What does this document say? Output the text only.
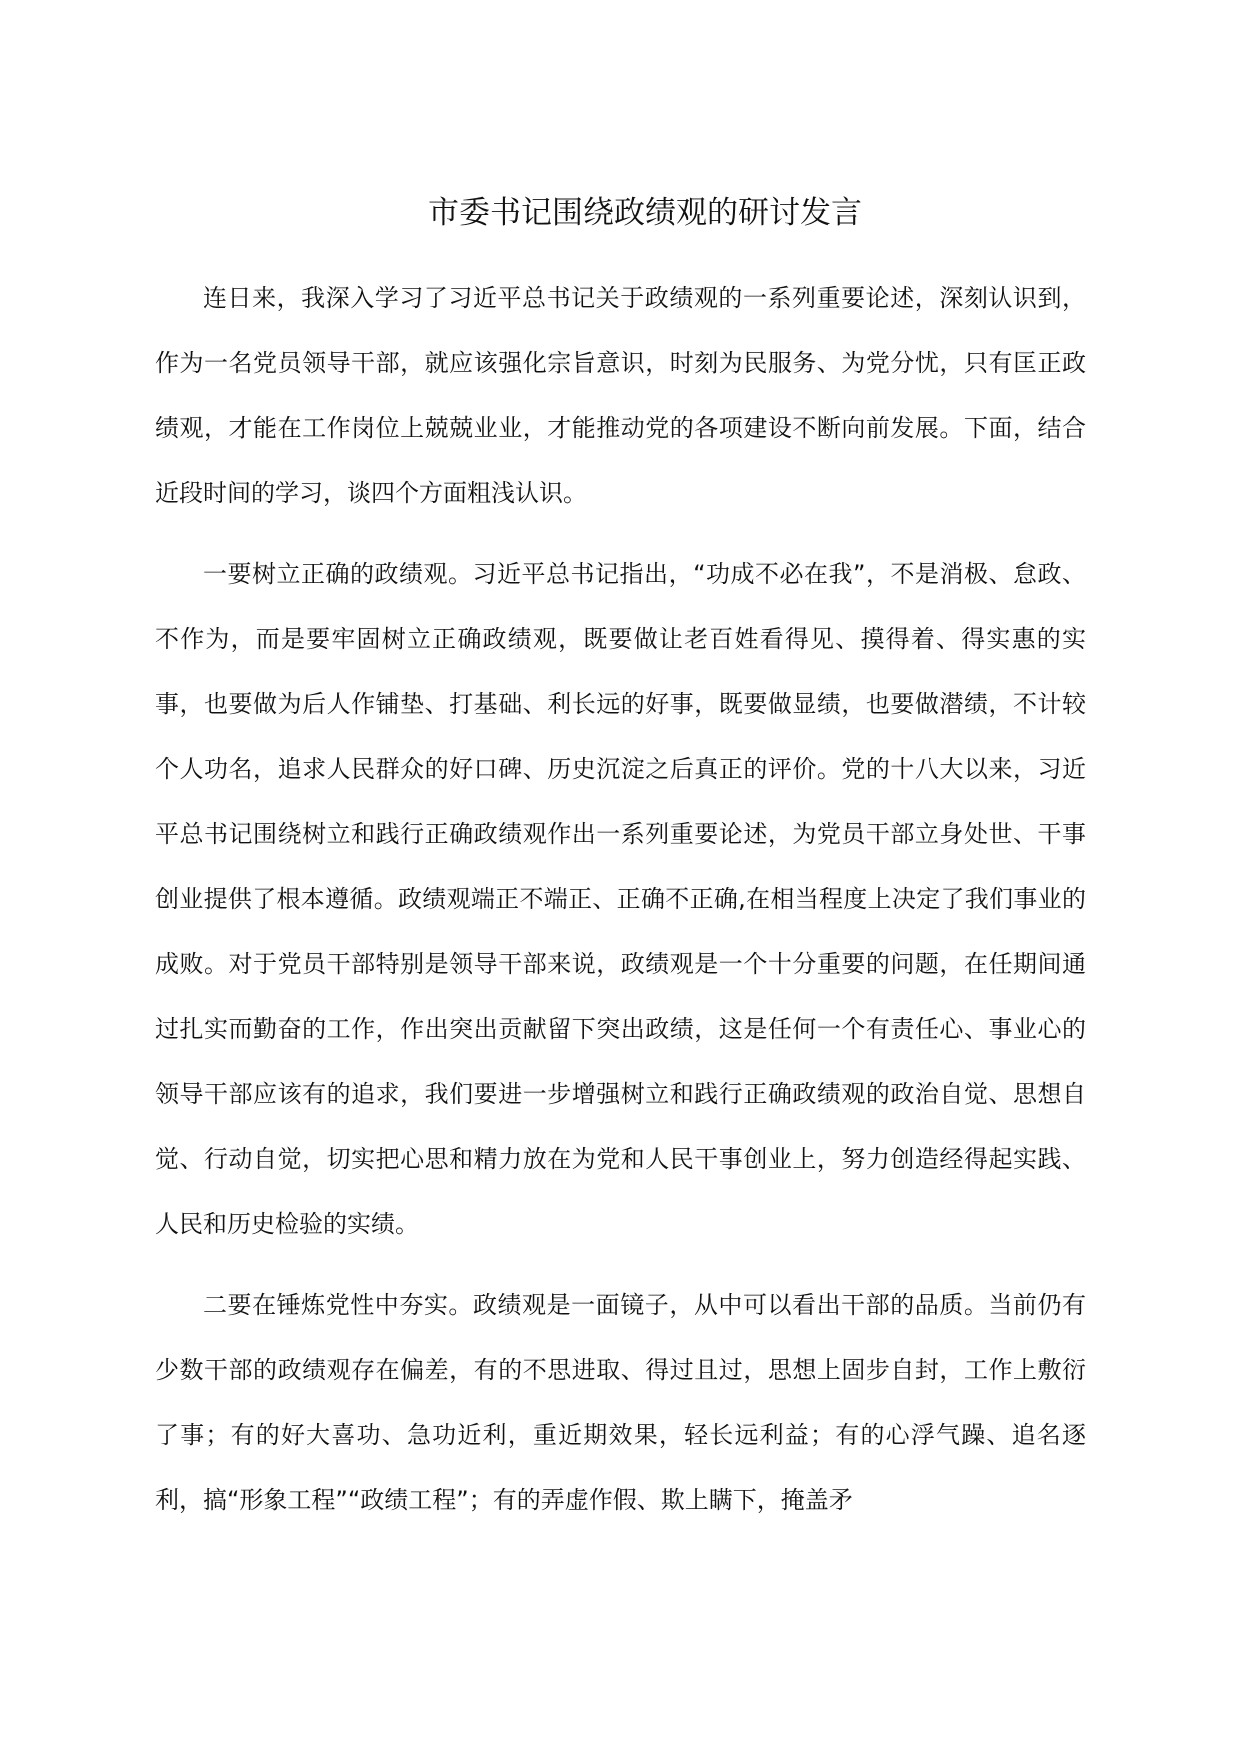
市委书记围绕政绩观的研讨发言

连日来，我深入学习了习近平总书记关于政绩观的一系列重要论述，深刻认识到，作为一名党员领导干部，就应该强化宗旨意识，时刻为民服务、为党分忧，只有匡正政绩观，才能在工作岗位上兢兢业业，才能推动党的各项建设不断向前发展。下面，结合近段时间的学习，谈四个方面粗浅认识。

一要树立正确的政绩观。习近平总书记指出，“功成不必在我”，不是消极、怠政、不作为，而是要牢固树立正确政绩观，既要做让老百姓看得见、摸得着、得实惠的实事，也要做为后人作铺垫、打基础、利长远的好事，既要做显绩，也要做潜绩，不计较个人功名，追求人民群众的好口碑、历史沉淀之后真正的评价。党的十八大以来，习近平总书记围绕树立和践行正确政绩观作出一系列重要论述，为党员干部立身处世、干事创业提供了根本遵循。政绩观端正不端正、正确不正确,在相当程度上决定了我们事业的成败。对于党员干部特别是领导干部来说，政绩观是一个十分重要的问题，在任期间通过扎实而勤奋的工作，作出突出贡献留下突出政绩，这是任何一个有责任心、事业心的领导干部应该有的追求，我们要进一步增强树立和践行正确政绩观的政治自觉、思想自觉、行动自觉，切实把心思和精力放在为党和人民干事创业上，努力创造经得起实践、人民和历史检验的实绩。

二要在锤炼党性中夯实。政绩观是一面镜子，从中可以看出干部的品质。当前仍有少数干部的政绩观存在偏差，有的不思进取、得过且过，思想上固步自封，工作上敷衍了事；有的好大喜功、急功近利，重近期效果，轻长远利益；有的心浮气躁、追名逐利，搞“形象工程”“政绩工程”；有的弄虚作假、欺上瞒下，掩盖矛
